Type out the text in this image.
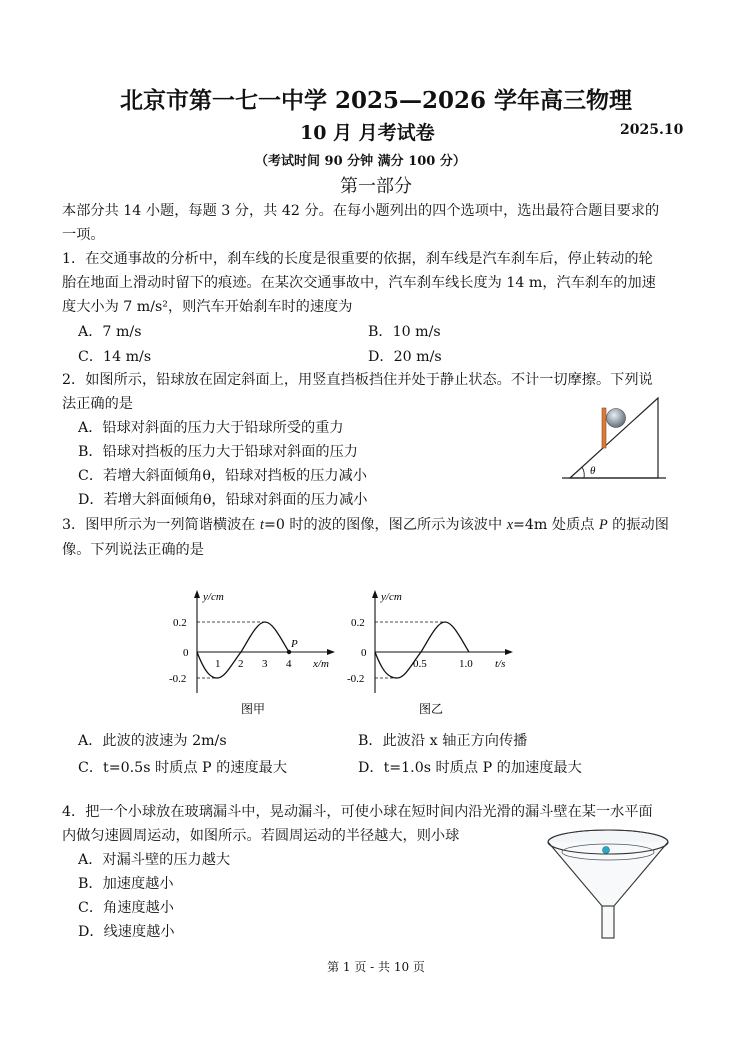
北京市第一七一中学 2025—2026 学年高三物理
10 月 月考试卷	2025.10
（考试时间 90 分钟 满分 100 分）
第一部分
本部分共 14 小题，每题 3 分，共 42 分。在每小题列出的四个选项中，选出最符合题目要求的
一项。
1．在交通事故的分析中，刹车线的长度是很重要的依据，刹车线是汽车刹车后，停止转动的轮
胎在地面上滑动时留下的痕迹。在某次交通事故中，汽车刹车线长度为 14 m，汽车刹车的加速
度大小为 7 m/s²，则汽车开始刹车时的速度为
A．7 m/s	B．10 m/s
C．14 m/s	D．20 m/s
2．如图所示，铅球放在固定斜面上，用竖直挡板挡住并处于静止状态。不计一切摩擦。下列说
法正确的是
A．铅球对斜面的压力大于铅球所受的重力
B．铅球对挡板的压力大于铅球对斜面的压力
C．若增大斜面倾角θ，铅球对挡板的压力减小
D．若增大斜面倾角θ，铅球对斜面的压力减小
θ
3．图甲所示为一列简谐横波在 t=0 时的波的图像，图乙所示为该波中 x=4m 处质点 P 的振动图
像。下列说法正确的是
y/cm
0.2
0
-0.2
1 2 3 4
P
x/m
图甲
y/cm
0.2
0
-0.2
0.5	1.0 t/s
图乙
A．此波的波速为 2m/s	B．此波沿 x 轴正方向传播
C．t=0.5s 时质点 P 的速度最大	D．t=1.0s 时质点 P 的加速度最大
4．把一个小球放在玻璃漏斗中，晃动漏斗，可使小球在短时间内沿光滑的漏斗壁在某一水平面
内做匀速圆周运动，如图所示。若圆周运动的半径越大，则小球
A．对漏斗壁的压力越大
B．加速度越小
C．角速度越小
D．线速度越小
第 1 页 - 共 10 页
